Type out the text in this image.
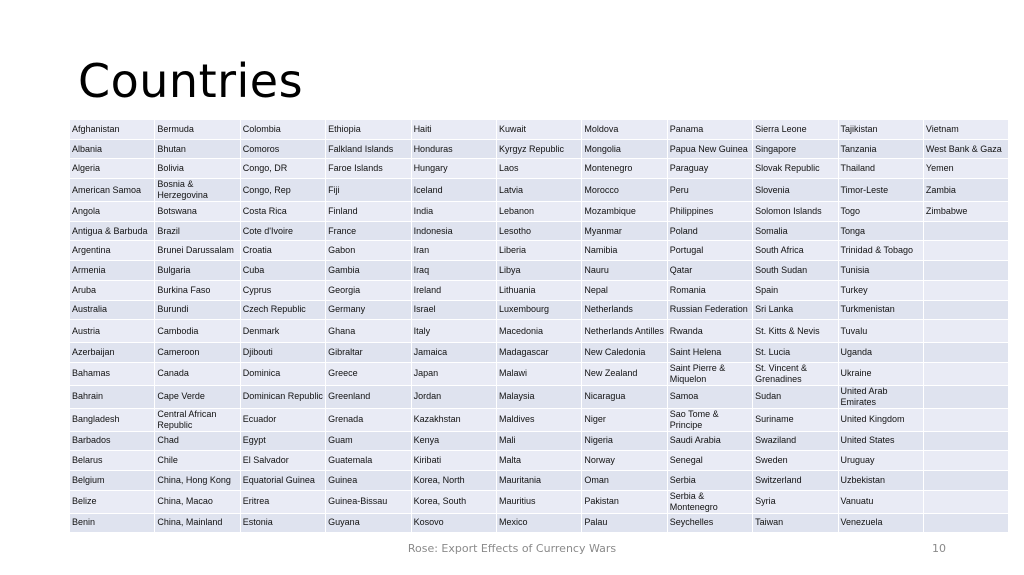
Countries
Afghanistan	Bermuda	Colombia	Ethiopia	Haiti	Kuwait	Moldova	Panama	Sierra Leone	Tajikistan	Vietnam
Albania	Bhutan	Comoros	Falkland Islands	Honduras	Kyrgyz Republic	Mongolia	Papua New Guinea	Singapore	Tanzania	West Bank & Gaza
Algeria	Bolivia	Congo, DR	Faroe Islands	Hungary	Laos	Montenegro	Paraguay	Slovak Republic	Thailand	Yemen
American Samoa	Bosnia & Herzegovina	Congo, Rep	Fiji	Iceland	Latvia	Morocco	Peru	Slovenia	Timor-Leste	Zambia
Angola	Botswana	Costa Rica	Finland	India	Lebanon	Mozambique	Philippines	Solomon Islands	Togo	Zimbabwe
Antigua & Barbuda	Brazil	Cote d'Ivoire	France	Indonesia	Lesotho	Myanmar	Poland	Somalia	Tonga	
Argentina	Brunei Darussalam	Croatia	Gabon	Iran	Liberia	Namibia	Portugal	South Africa	Trinidad & Tobago	
Armenia	Bulgaria	Cuba	Gambia	Iraq	Libya	Nauru	Qatar	South Sudan	Tunisia	
Aruba	Burkina Faso	Cyprus	Georgia	Ireland	Lithuania	Nepal	Romania	Spain	Turkey	
Australia	Burundi	Czech Republic	Germany	Israel	Luxembourg	Netherlands	Russian Federation	Sri Lanka	Turkmenistan	
Austria	Cambodia	Denmark	Ghana	Italy	Macedonia	Netherlands Antilles	Rwanda	St. Kitts & Nevis	Tuvalu	
Azerbaijan	Cameroon	Djibouti	Gibraltar	Jamaica	Madagascar	New Caledonia	Saint Helena	St. Lucia	Uganda	
Bahamas	Canada	Dominica	Greece	Japan	Malawi	New Zealand	Saint Pierre & Miquelon	St. Vincent & Grenadines	Ukraine	
Bahrain	Cape Verde	Dominican Republic	Greenland	Jordan	Malaysia	Nicaragua	Samoa	Sudan	United Arab Emirates	
Bangladesh	Central African Republic	Ecuador	Grenada	Kazakhstan	Maldives	Niger	Sao Tome & Principe	Suriname	United Kingdom	
Barbados	Chad	Egypt	Guam	Kenya	Mali	Nigeria	Saudi Arabia	Swaziland	United States	
Belarus	Chile	El Salvador	Guatemala	Kiribati	Malta	Norway	Senegal	Sweden	Uruguay	
Belgium	China, Hong Kong	Equatorial Guinea	Guinea	Korea, North	Mauritania	Oman	Serbia	Switzerland	Uzbekistan	
Belize	China, Macao	Eritrea	Guinea-Bissau	Korea, South	Mauritius	Pakistan	Serbia & Montenegro	Syria	Vanuatu	
Benin	China, Mainland	Estonia	Guyana	Kosovo	Mexico	Palau	Seychelles	Taiwan	Venezuela	
Rose: Export Effects of Currency Wars	10
